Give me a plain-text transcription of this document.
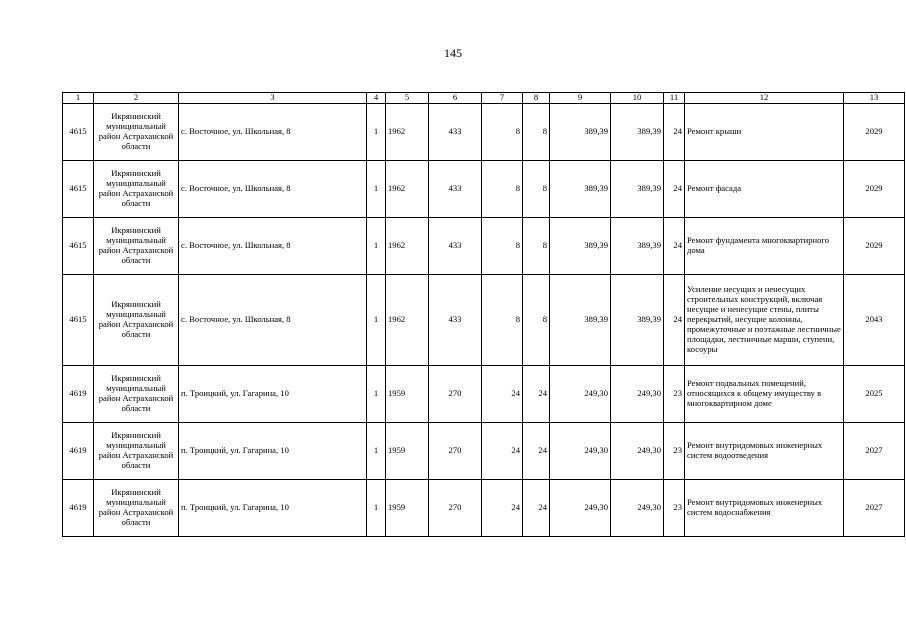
145
1	2	3	4	5	6	7	8	9	10	11	12	13
4615	Икрянинский муниципальный район Астраханской области	с. Восточное, ул. Школьная, 8	1	1962	433	8	8	389,39	389,39	24	Ремонт крыши	2029
4615	Икрянинский муниципальный район Астраханской области	с. Восточное, ул. Школьная, 8	1	1962	433	8	8	389,39	389,39	24	Ремонт фасада	2029
4615	Икрянинский муниципальный район Астраханской области	с. Восточное, ул. Школьная, 8	1	1962	433	8	8	389,39	389,39	24	Ремонт фундамента многоквартирного дома	2029
4615	Икрянинский муниципальный район Астраханской области	с. Восточное, ул. Школьная, 8	1	1962	433	8	8	389,39	389,39	24	Усиление несущих и ненесущих строительных конструкций, включая несущие и ненесущие стены, плиты перекрытий, несущие колонны, промежуточные и поэтажные лестничные площадки, лестничные марши, ступени, косоуры	2043
4619	Икрянинский муниципальный район Астраханской области	п. Троицкий, ул. Гагарина, 10	1	1959	270	24	24	249,30	249,30	23	Ремонт подвальных помещений, относящихся к общему имуществу в многоквартирном доме	2025
4619	Икрянинский муниципальный район Астраханской области	п. Троицкий, ул. Гагарина, 10	1	1959	270	24	24	249,30	249,30	23	Ремонт внутридомовых инженерных систем водоотведения	2027
4619	Икрянинский муниципальный район Астраханской области	п. Троицкий, ул. Гагарина, 10	1	1959	270	24	24	249,30	249,30	23	Ремонт внутридомовых инженерных систем водоснабжения	2027
